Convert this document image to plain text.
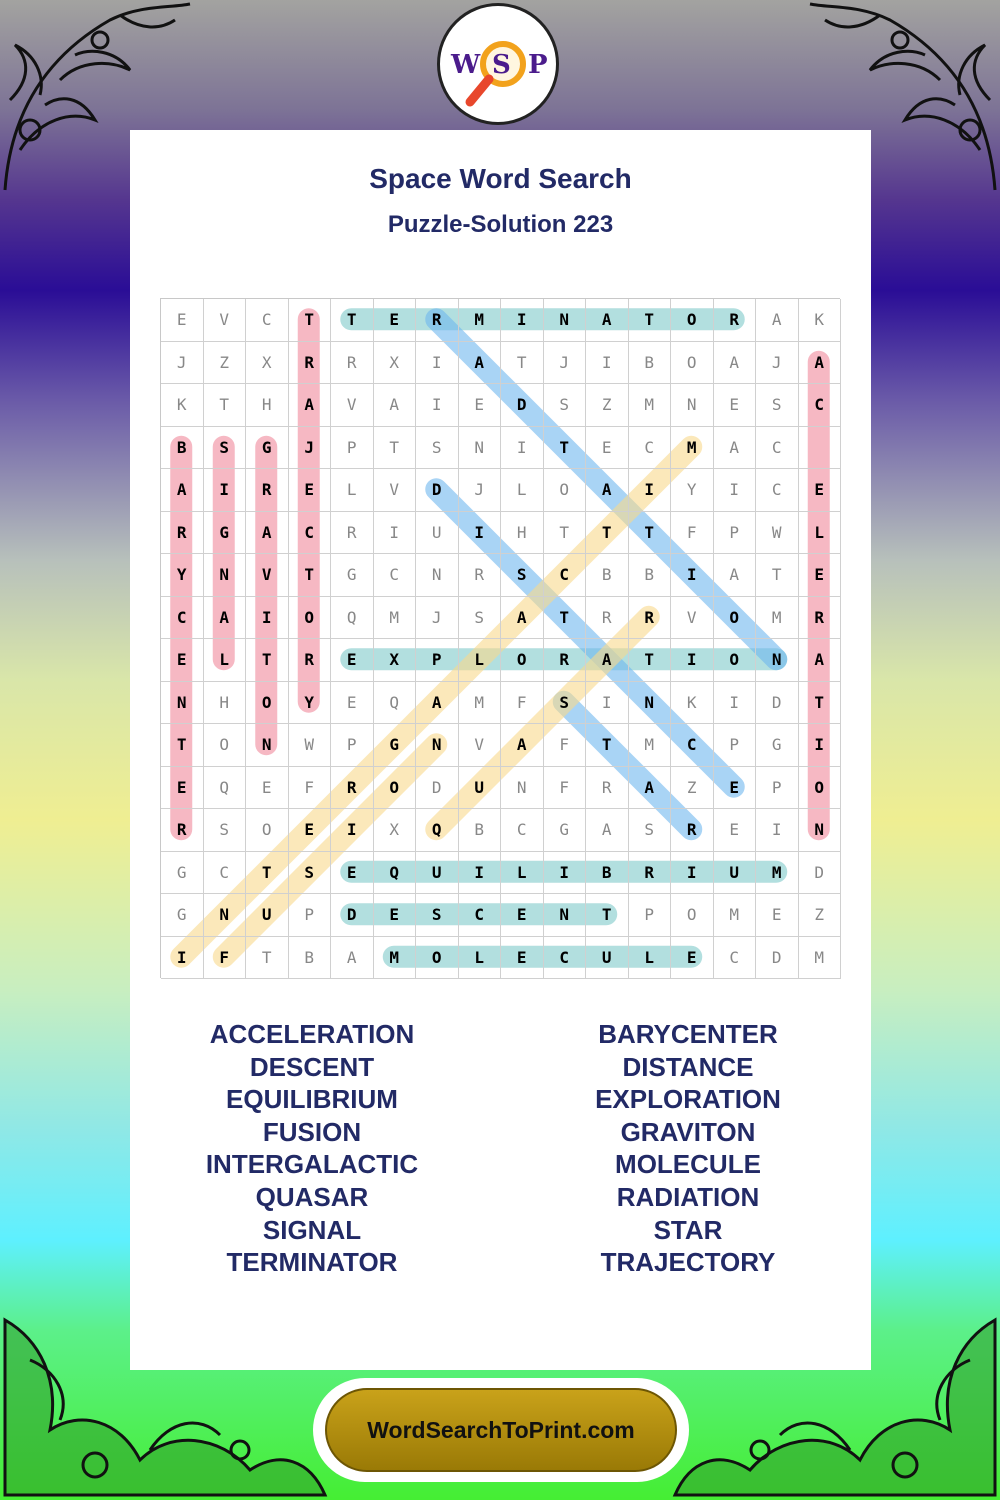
W S P
Space Word Search
Puzzle-Solution 223
E	V	C	T	T	E	R	M	I	N	A	T	O	R	A	K
J	Z	X	R	R	X	I	A	T	J	I	B	O	A	J	A
K	T	H	A	V	A	I	E	D	S	Z	M	N	E	S	C
B	S	G	J	P	T	S	N	I	T	E	C	M	A	C
A	I	R	E	L	V	D	J	L	O	A	I	Y	I	C	E
R	G	A	C	R	I	U	I	H	T	T	T	F	P	W	L
Y	N	V	T	G	C	N	R	S	C	B	B	I	A	T	E
C	A	I	O	Q	M	J	S	A	T	R	R	V	O	M	R
E	L	T	R	E	X	P	L	O	R	A	T	I	O	N	A
N	H	O	Y	E	Q	A	M	F	S	I	N	K	I	D	T
T	O	N	W	P	G	N	V	A	F	T	M	C	P	G	I
E	Q	E	F	R	O	D	U	N	F	R	A	Z	E	P	O
R	S	O	E	I	X	Q	B	C	G	A	S	R	E	I	N
G	C	T	S	E	Q	U	I	L	I	B	R	I	U	M	D
G	N	U	P	D	E	S	C	E	N	T	P	O	M	E	Z
I	F	T	B	A	M	O	L	E	C	U	L	E	C	D	M
ACCELERATION
DESCENT
EQUILIBRIUM
FUSION
INTERGALACTIC
QUASAR
SIGNAL
TERMINATOR
BARYCENTER
DISTANCE
EXPLORATION
GRAVITON
MOLECULE
RADIATION
STAR
TRAJECTORY
WordSearchToPrint.com
